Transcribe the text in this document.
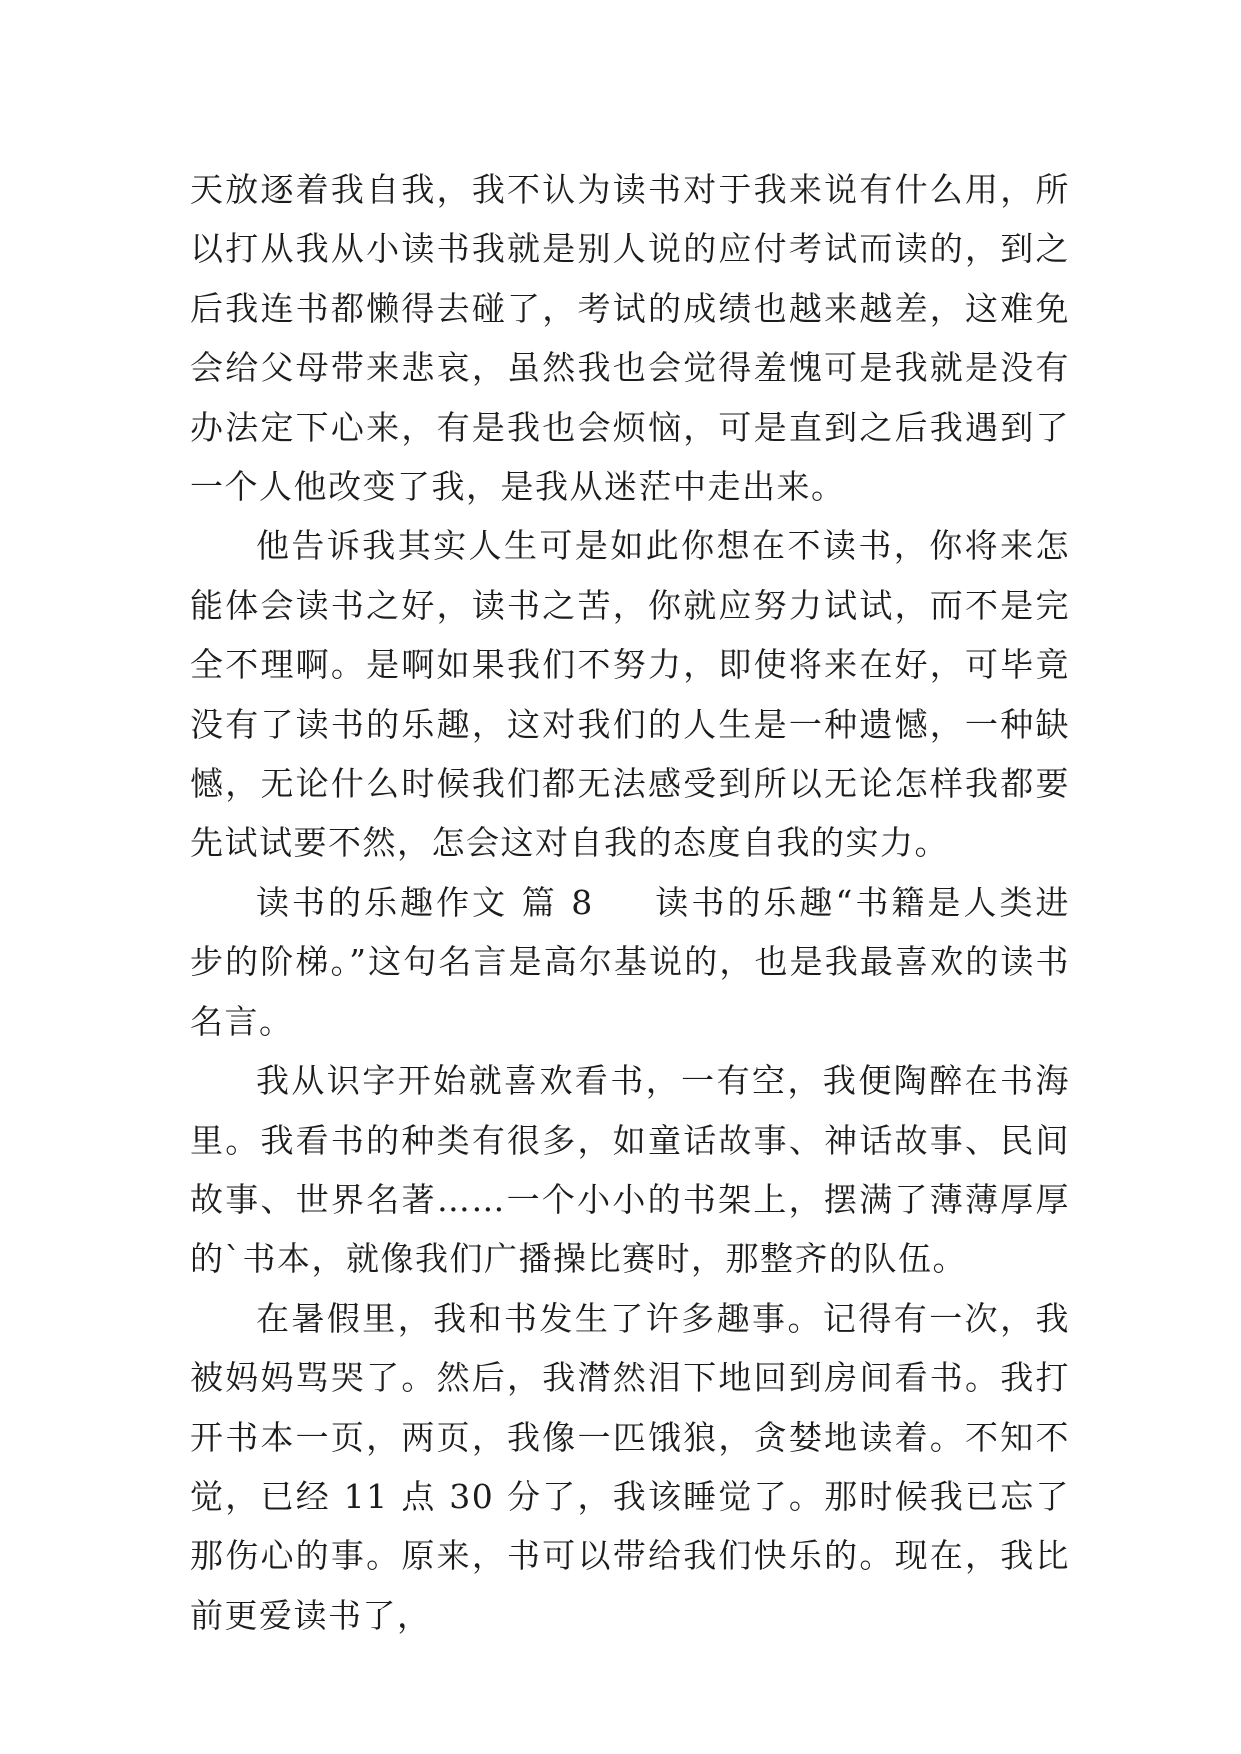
天放逐着我自我，我不认为读书对于我来说有什么用，所以打从我从小读书我就是别人说的应付考试而读的，到之后我连书都懒得去碰了，考试的成绩也越来越差，这难免会给父母带来悲哀，虽然我也会觉得羞愧可是我就是没有办法定下心来，有是我也会烦恼，可是直到之后我遇到了一个人他改变了我，是我从迷茫中走出来。

他告诉我其实人生可是如此你想在不读书，你将来怎能体会读书之好，读书之苦，你就应努力试试，而不是完全不理啊。是啊如果我们不努力，即使将来在好，可毕竟没有了读书的乐趣，这对我们的人生是一种遗憾，一种缺憾，无论什么时候我们都无法感受到所以无论怎样我都要先试试要不然，怎会这对自我的态度自我的实力。

读书的乐趣作文 篇 8 读书的乐趣“书籍是人类进步的阶梯。”这句名言是高尔基说的，也是我最喜欢的读书名言。

我从识字开始就喜欢看书，一有空，我便陶醉在书海里。我看书的种类有很多，如童话故事、神话故事、民间故事、世界名著……一个小小的书架上，摆满了薄薄厚厚的`书本，就像我们广播操比赛时，那整齐的队伍。

在暑假里，我和书发生了许多趣事。记得有一次，我被妈妈骂哭了。然后，我潸然泪下地回到房间看书。我打开书本一页，两页，我像一匹饿狼，贪婪地读着。不知不觉，已经 11 点 30 分了，我该睡觉了。那时候我已忘了那伤心的事。原来，书可以带给我们快乐的。现在，我比前更爱读书了，
